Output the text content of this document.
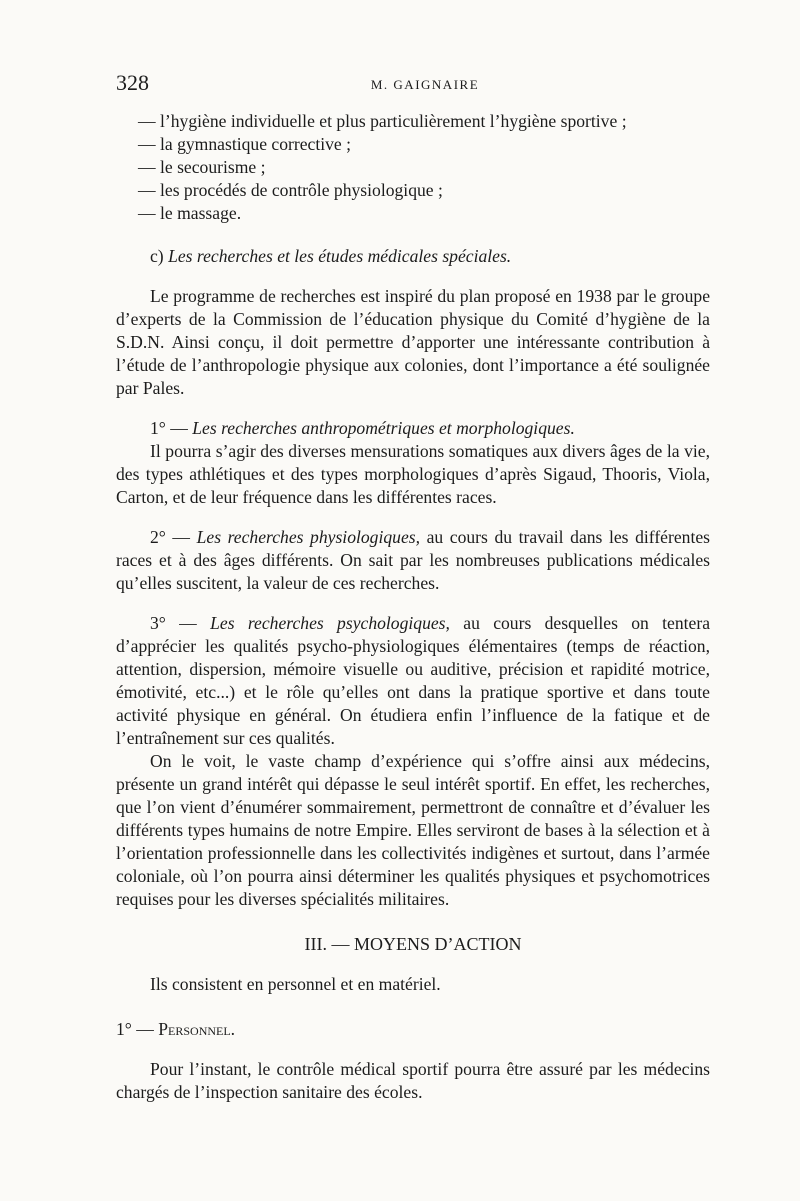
328	M. GAIGNAIRE

— l’hygiène individuelle et plus particulièrement l’hygiène sportive ;

— la gymnastique corrective ;

— le secourisme ;

— les procédés de contrôle physiologique ;

— le massage.

c) Les recherches et les études médicales spéciales.

Le programme de recherches est inspiré du plan proposé en 1938 par le groupe d’experts de la Commission de l’éducation physique du Comité d’hygiène de la S.D.N. Ainsi conçu, il doit permettre d’apporter une intéressante contribution à l’étude de l’anthropologie physique aux colonies, dont l’importance a été soulignée par Pales.

1° — Les recherches anthropométriques et morphologiques.

Il pourra s’agir des diverses mensurations somatiques aux divers âges de la vie, des types athlétiques et des types morphologiques d’après Sigaud, Thooris, Viola, Carton, et de leur fréquence dans les différentes races.

2° — Les recherches physiologiques, au cours du travail dans les différentes races et à des âges différents. On sait par les nombreuses publications médicales qu’elles suscitent, la valeur de ces recherches.

3° — Les recherches psychologiques, au cours desquelles on tentera d’apprécier les qualités psycho-physiologiques élémentaires (temps de réaction, attention, dispersion, mémoire visuelle ou auditive, précision et rapidité motrice, émotivité, etc...) et le rôle qu’elles ont dans la pratique sportive et dans toute activité physique en général. On étudiera enfin l’influence de la fatique et de l’entraînement sur ces qualités.

On le voit, le vaste champ d’expérience qui s’offre ainsi aux médecins, présente un grand intérêt qui dépasse le seul intérêt sportif. En effet, les recherches, que l’on vient d’énumérer sommairement, permettront de connaître et d’évaluer les différents types humains de notre Empire. Elles serviront de bases à la sélection et à l’orientation professionnelle dans les collectivités indigènes et surtout, dans l’armée coloniale, où l’on pourra ainsi déterminer les qualités physiques et psychomotrices requises pour les diverses spécialités militaires.

III. — MOYENS D’ACTION

Ils consistent en personnel et en matériel.

1° — Personnel.

Pour l’instant, le contrôle médical sportif pourra être assuré par les médecins chargés de l’inspection sanitaire des écoles.
